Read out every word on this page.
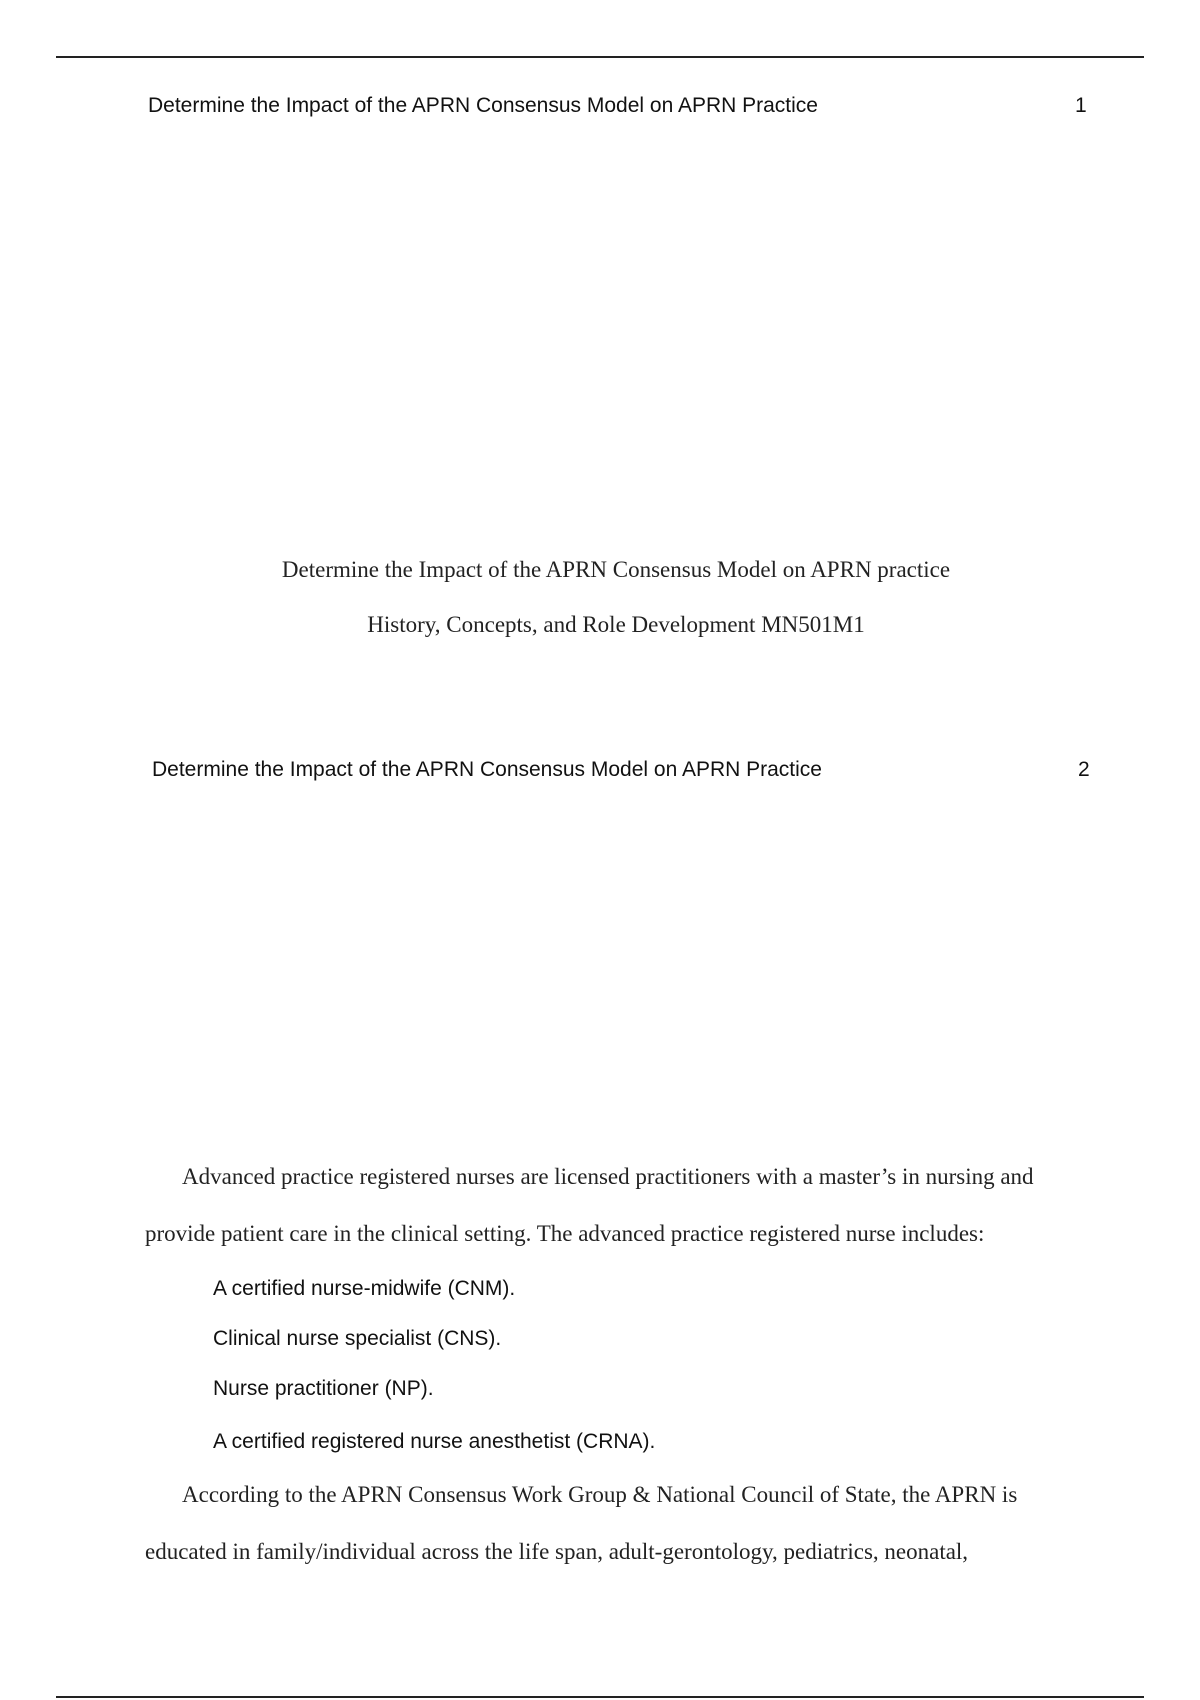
Determine the Impact of the APRN Consensus Model on APRN Practice	1
Determine the Impact of the APRN Consensus Model on APRN practice
History, Concepts, and Role Development MN501M1
Determine the Impact of the APRN Consensus Model on APRN Practice	2
Advanced practice registered nurses are licensed practitioners with a master’s in nursing and
provide patient care in the clinical setting. The advanced practice registered nurse includes:
A certified nurse-midwife (CNM).
Clinical nurse specialist (CNS).
Nurse practitioner (NP).
A certified registered nurse anesthetist (CRNA).
According to the APRN Consensus Work Group & National Council of State, the APRN is
educated in family/individual across the life span, adult-gerontology, pediatrics, neonatal,
